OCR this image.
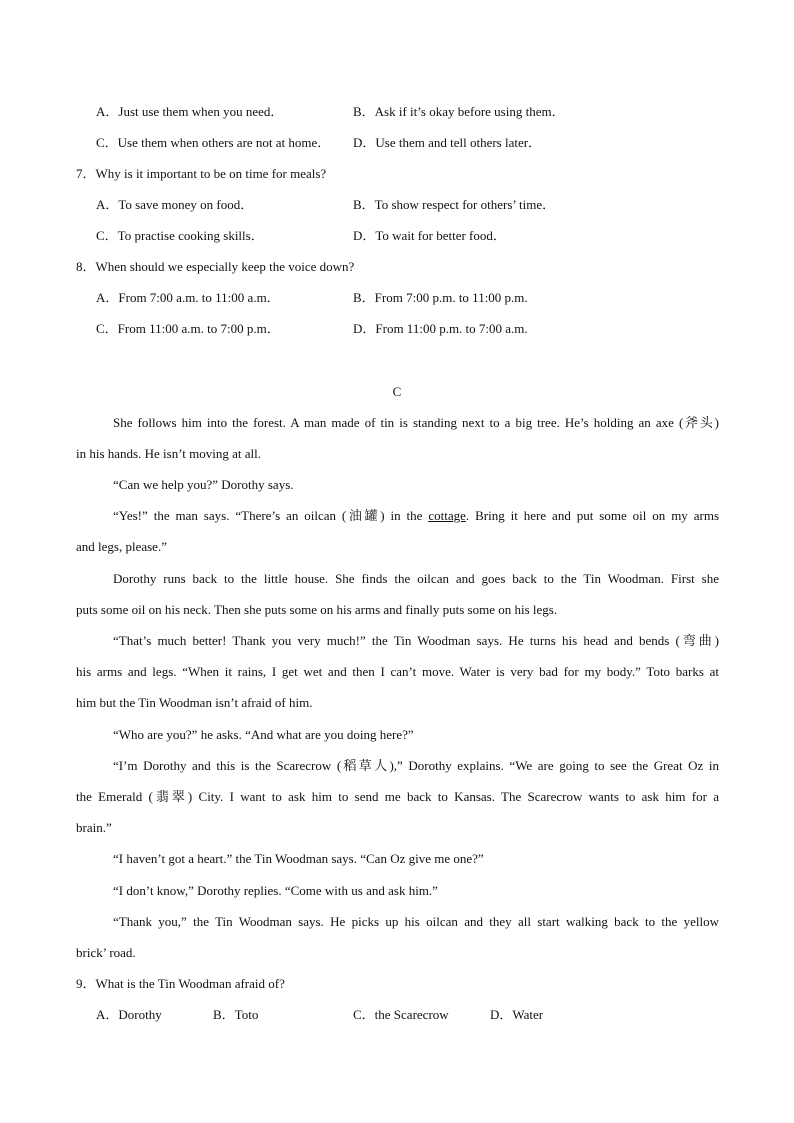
A．Just use them when you need．	B．Ask if it’s okay before using them．
C．Use them when others are not at home． D．Use them and tell others later．
7．Why is it important to be on time for meals?
A．To save money on food．	B．To show respect for others’ time．
C．To practise cooking skills．	D．To wait for better food．
8．When should we especially keep the voice down?
A．From 7:00 a.m. to 11:00 a.m．	B．From 7:00 p.m. to 11:00 p.m.
C．From 11:00 a.m. to 7:00 p.m．	D．From 11:00 p.m. to 7:00 a.m.
C
She follows him into the forest. A man made of tin is standing next to a big tree. He’s holding an axe (斧头)
in his hands. He isn’t moving at all.
“Can we help you?” Dorothy says.
“Yes!” the man says. “There’s an oilcan (油罐) in the cottage. Bring it here and put some oil on my arms
and legs, please.”
Dorothy runs back to the little house. She finds the oilcan and goes back to the Tin Woodman. First she
puts some oil on his neck. Then she puts some on his arms and finally puts some on his legs.
“That’s much better! Thank you very much!” the Tin Woodman says. He turns his head and bends (弯曲)
his arms and legs. “When it rains, I get wet and then I can’t move. Water is very bad for my body.” Toto barks at
him but the Tin Woodman isn’t afraid of him.
“Who are you?” he asks. “And what are you doing here?”
“I’m Dorothy and this is the Scarecrow (稻草人),” Dorothy explains. “We are going to see the Great Oz in
the Emerald (翡翠) City. I want to ask him to send me back to Kansas. The Scarecrow wants to ask him for a
brain.”
“I haven’t got a heart.” the Tin Woodman says. “Can Oz give me one?”
“I don’t know,” Dorothy replies. “Come with us and ask him.”
“Thank you,” the Tin Woodman says. He picks up his oilcan and they all start walking back to the yellow
brick’ road.
9．What is the Tin Woodman afraid of?
A．Dorothy	B．Toto	C．the Scarecrow	D．Water
